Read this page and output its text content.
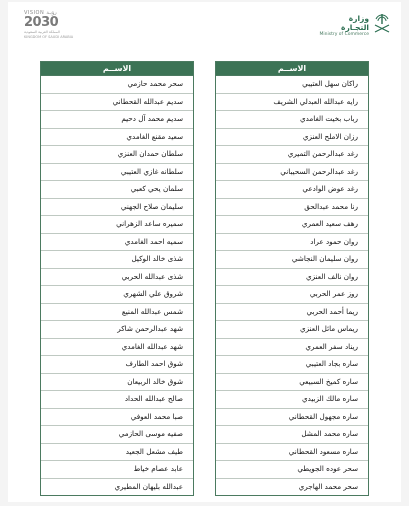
VISION رؤيـة
2030
المملكة العربية السعودية KINGDOM OF SAUDI ARABIA
وزارة التجـارة
Ministry of Commerce
الاســم
راكان سهل العتيبي
رايه عبدالله العبدلي الشريف
رباب بخيت الغامدي
رزان الاملح العنزي
رغد عبدالرحمن التميري
رغد عبدالرحمن السحيباني
رغد عوض الوادعي
رنا محمد عبدالحق
رهف سعيد العمري
روان حمود عراد
روان سليمان النجاشي
روان نالف العنزي
روز عمر الحربي
ريما أحمد الحربي
ريماس مائل العنزي
ريناد سفر العمري
ساره بجاد العتيبي
ساره كميخ السبيعي
ساره مالك الزبيدي
ساره مجهول القحطاني
ساره محمد المشل
ساره مسعود القحطاني
سحر عوده الجويطي
سحر محمد الهاجري
الاســم
سحر محمد حازمي
سديم عبدالله القحطاني
سديم محمد آل دحيم
سعيد مقنع الغامدي
سلطان حمدان العنزي
سلطانه غازي العتيبي
سلمان يحي كعبي
سليمان صلاح الجهني
سميره ساعد الزهراني
سميه احمد الغامدي
شذى خالد الوكيل
شذى عبدالله الحربي
شروق علي الشهري
شمس عبدالله المنيع
شهد عبدالرحمن شاكر
شهد عبدالله الغامدي
شوق احمد الطارف
شوق خالد الربيعان
صالح عبدالله الحداد
صبا محمد العوفي
صفيه موسى الحازمي
طيف مشعل الجعيد
عابد عصام خياط
عبدالله بليهان المطيري
